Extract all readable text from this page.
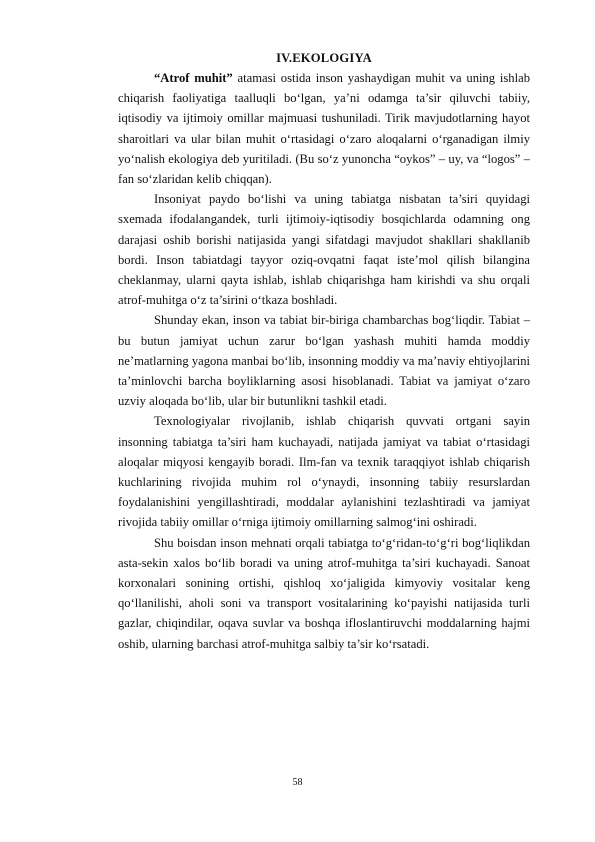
IV.EKOLOGIYA
“Atrof muhit” atamasi ostida inson yashaydigan muhit va uning ishlab chiqarish faoliyatiga taalluqli bo‘lgan, ya’ni odamga ta’sir qiluvchi tabiiy, iqtisodiy va ijtimoiy omillar majmuasi tushuniladi. Tirik mavjudotlarning hayot sharoitlari va ular bilan muhit o‘rtasidagi o‘zaro aloqalarni o‘rganadigan ilmiy yo‘nalish ekologiya deb yuritiladi. (Bu so‘z yunoncha “oykos” – uy, va “logos” – fan so‘zlaridan kelib chiqqan).
Insoniyat paydo bo‘lishi va uning tabiatga nisbatan ta’siri quyidagi sxemada ifodalangandek, turli ijtimoiy-iqtisodiy bosqichlarda odamning ong darajasi oshib borishi natijasida yangi sifatdagi mavjudot shakllari shakllanib bordi. Inson tabiatdagi tayyor oziq-ovqatni faqat iste’mol qilish bilangina cheklanmay, ularni qayta ishlab, ishlab chiqarishga ham kirishdi va shu orqali atrof-muhitga o‘z ta’sirini o‘tkaza boshladi.
Shunday ekan, inson va tabiat bir-biriga chambarchas bog‘liqdir. Tabiat – bu butun jamiyat uchun zarur bo‘lgan yashash muhiti hamda moddiy ne’matlarning yagona manbai bo‘lib, insonning moddiy va ma’naviy ehtiyojlarini ta’minlovchi barcha boyliklarning asosi hisoblanadi. Tabiat va jamiyat o‘zaro uzviy aloqada bo‘lib, ular bir butunlikni tashkil etadi.
Texnologiyalar rivojlanib, ishlab chiqarish quvvati ortgani sayin insonning tabiatga ta’siri ham kuchayadi, natijada jamiyat va tabiat o‘rtasidagi aloqalar miqyosi kengayib boradi. Ilm-fan va texnik taraqqiyot ishlab chiqarish kuchlarining rivojida muhim rol o‘ynaydi, insonning tabiiy resurslardan foydalanishini yengillashtiradi, moddalar aylanishini tezlashtiradi va jamiyat rivojida tabiiy omillar o‘rniga ijtimoiy omillarning salmog‘ini oshiradi.
Shu boisdan inson mehnati orqali tabiatga to‘g‘ridan-to‘g‘ri bog‘liqlikdan asta-sekin xalos bo‘lib boradi va uning atrof-muhitga ta’siri kuchayadi. Sanoat korxonalari sonining ortishi, qishloq xo‘jaligida kimyoviy vositalar keng qo‘llanilishi, aholi soni va transport vositalarining ko‘payishi natijasida turli gazlar, chiqindilar, oqava suvlar va boshqa ifloslantiruvchi moddalarning hajmi oshib, ularning barchasi atrof-muhitga salbiy ta’sir ko‘rsatadi.
58
